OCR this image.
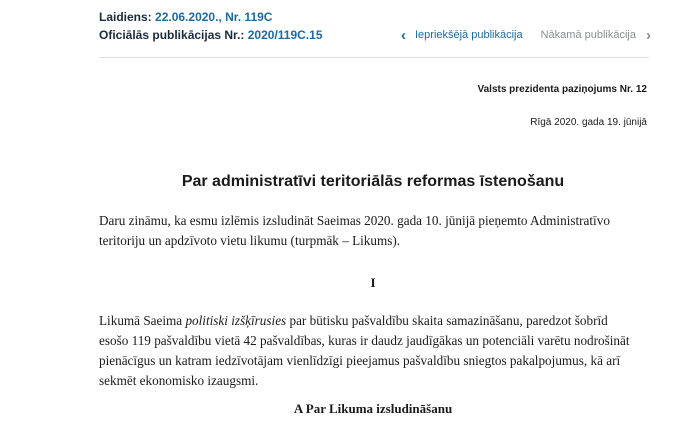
Laidiens: 22.06.2020., Nr. 119C
Oficiālās publikācijas Nr.: 2020/119C.15	‹ Iepriekšējā publikācija Nākamā publikācija ›
Valsts prezidenta paziņojums Nr. 12
Rīgā 2020. gada 19. jūnijā
Par administratīvi teritoriālās reformas īstenošanu
Daru zināmu, ka esmu izlēmis izsludināt Saeimas 2020. gada 10. jūnijā pieņemto Administratīvo
teritoriju un apdzīvoto vietu likumu (turpmāk – Likums).
I
Likumā Saeima politiski izšķīrusies par būtisku pašvaldību skaita samazināšanu, paredzot šobrīd
esošo 119 pašvaldību vietā 42 pašvaldības, kuras ir daudz jaudīgākas un potenciāli varētu nodrošināt
pienācīgus un katram iedzīvotājam vienlīdzīgi pieejamus pašvaldību sniegtos pakalpojumus, kā arī
sekmēt ekonomisko izaugsmi.
A Par Likuma izsludināšanu
